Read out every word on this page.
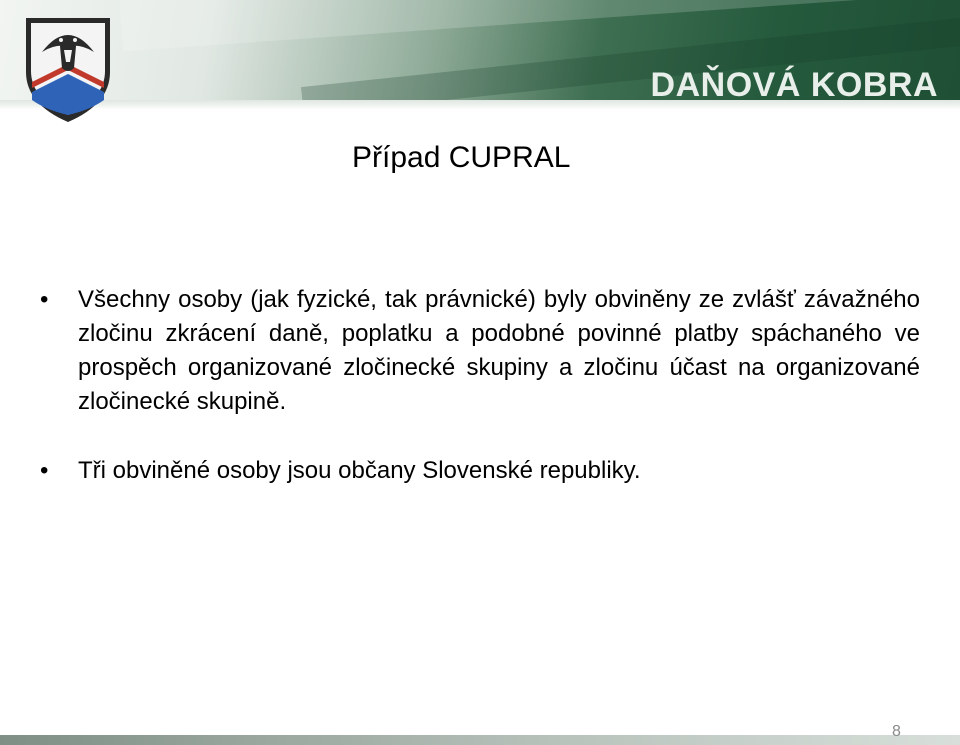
DAŇOVÁ KOBRA
Případ CUPRAL
•	Všechny osoby (jak fyzické, tak právnické) byly obviněny ze zvlášť závažného zločinu zkrácení daně, poplatku a podobné povinné platby spáchaného ve prospěch organizované zločinecké skupiny a zločinu účast na organizované zločinecké skupině.
•	Tři obviněné osoby jsou občany Slovenské republiky.
8
